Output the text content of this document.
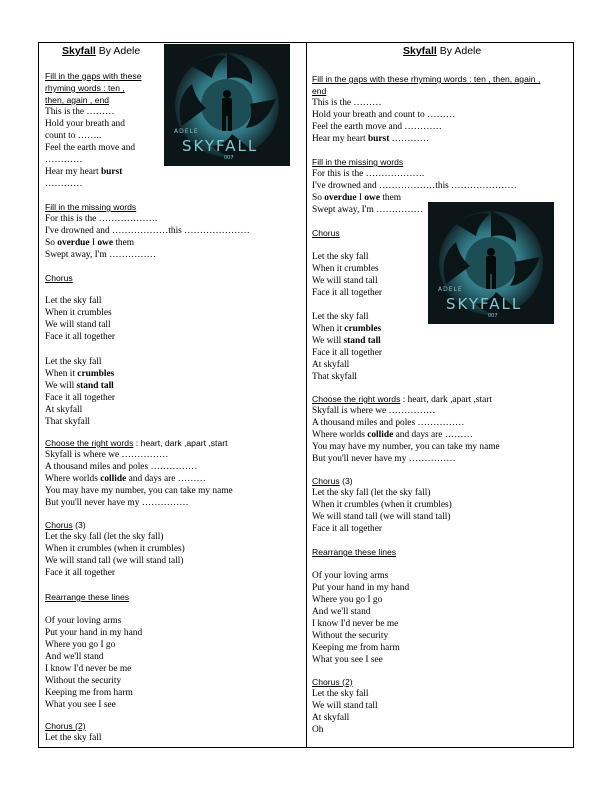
Skyfall By Adele
Fill in the gaps with these
rhyming words : ten ,
then, again , end
This is the ………
Hold your breath and
count to ……..
Feel the earth move and
…………
Hear my heart burst
…………
Fill in the missing words
For this is the ……………….
I've drowned and ………………this …………………
So overdue I owe them
Swept away, I'm ……………
Chorus
Let the sky fall
When it crumbles
We will stand tall
Face it all together
Let the sky fall
When it crumbles
We will stand tall
Face it all together
At skyfall
That skyfall
Choose the right words : heart, dark ,apart ,start
Skyfall is where we ……………
A thousand miles and poles ……………
Where worlds collide and days are ………
You may have my number, you can take my name
But you'll never have my ……………
Chorus (3)
Let the sky fall (let the sky fall)
When it crumbles (when it crumbles)
We will stand tall (we will stand tall)
Face it all together
Rearrange these lines
Of your loving arms
Put your hand in my hand
Where you go I go
And we'll stand
I know I'd never be me
Without the security
Keeping me from harm
What you see I see
Chorus (2)
Let the sky fall
ADELE
SKYFALL
007
Skyfall By Adele
Fill in the gaps with these rhyming words : ten , then, again ,
end
This is the ………
Hold your breath and count to ………
Feel the earth move and …………
Hear my heart burst …………
Fill in the missing words
For this is the ……………….
I've drowned and ………………this …………………
So overdue I owe them
Swept away, I'm ……………
Chorus
Let the sky fall
When it crumbles
We will stand tall
Face it all together
Let the sky fall
When it crumbles
We will stand tall
Face it all together
At skyfall
That skyfall
Choose the right words : heart, dark ,apart ,start
Skyfall is where we ……………
A thousand miles and poles ……………
Where worlds collide and days are ………
You may have my number, you can take my name
But you'll never have my ……………
Chorus (3)
Let the sky fall (let the sky fall)
When it crumbles (when it crumbles)
We will stand tall (we will stand tall)
Face it all together
Rearrange these lines
Of your loving arms
Put your hand in my hand
Where you go I go
And we'll stand
I know I'd never be me
Without the security
Keeping me from harm
What you see I see
Chorus (2)
Let the sky fall
We will stand tall
At skyfall
Oh
ADELE
SKYFALL
007
